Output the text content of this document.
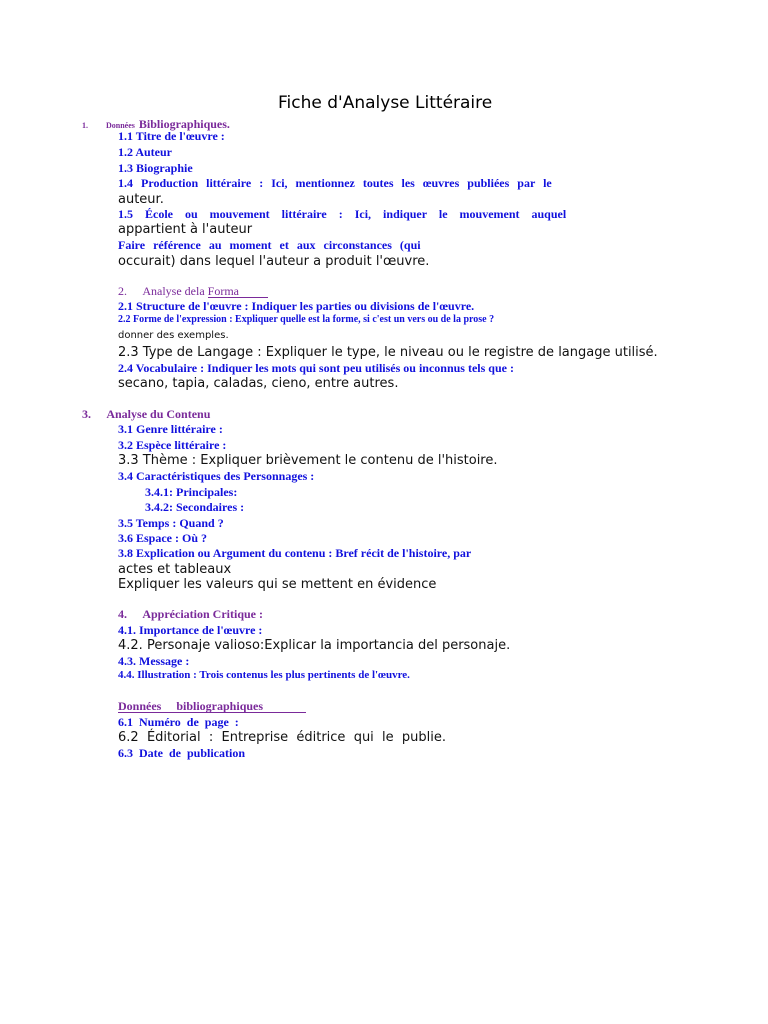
Fiche d'Analyse Littéraire
1. Données Bibliographiques.
1.1 Titre de l'œuvre :
1.2 Auteur
1.3 Biographie
1.4 Production littéraire : Ici, mentionnez toutes les œuvres publiées par le
auteur.
1.5 École ou mouvement littéraire : Ici, indiquer le mouvement auquel
appartient à l'auteur
Faire référence au moment et aux circonstances (qui
occurait) dans lequel l'auteur a produit l'œuvre.
2. Analyse dela Forma
2.1 Structure de l'œuvre : Indiquer les parties ou divisions de l'œuvre.
2.2 Forme de l'expression : Expliquer quelle est la forme, si c'est un vers ou de la prose ?
donner des exemples.
2.3 Type de Langage : Expliquer le type, le niveau ou le registre de langage utilisé.
2.4 Vocabulaire : Indiquer les mots qui sont peu utilisés ou inconnus tels que :
secano, tapia, caladas, cieno, entre autres.
3. Analyse du Contenu
3.1 Genre littéraire :
3.2 Espèce littéraire :
3.3 Thème : Expliquer brièvement le contenu de l'histoire.
3.4 Caractéristiques des Personnages :
3.4.1: Principales:
3.4.2: Secondaires :
3.5 Temps : Quand ?
3.6 Espace : Où ?
3.8 Explication ou Argument du contenu : Bref récit de l'histoire, par
actes et tableaux
Expliquer les valeurs qui se mettent en évidence
4. Appréciation Critique :
4.1. Importance de l'œuvre :
4.2. Personaje valioso:Explicar la importancia del personaje.
4.3. Message :
4.4. Illustration : Trois contenus les plus pertinents de l'œuvre.
Données     bibliographiques
6.1  Numéro  de  page  :
6.2  Éditorial  :  Entreprise  éditrice  qui  le  publie.
6.3  Date  de  publication
